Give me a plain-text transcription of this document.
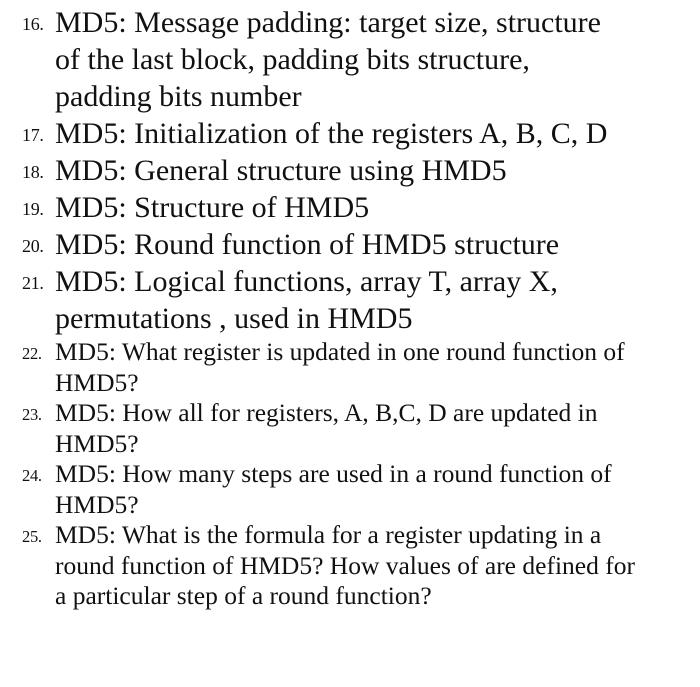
16. MD5: Message padding: target size, structure of the last block, padding bits structure, padding bits number
17. MD5: Initialization of the registers A, B, C, D
18. MD5: General structure using HMD5
19. MD5: Structure of HMD5
20. MD5: Round function of HMD5 structure
21. MD5: Logical functions, array T, array X, permutations , used in HMD5
22. MD5: What register is updated in one round function of HMD5?
23. MD5: How all for registers, A, B,C, D are updated in HMD5?
24. MD5: How many steps are used in a round function of HMD5?
25. MD5: What is the formula for a register updating in a round function of HMD5? How values of are defined for a particular step of a round function?
